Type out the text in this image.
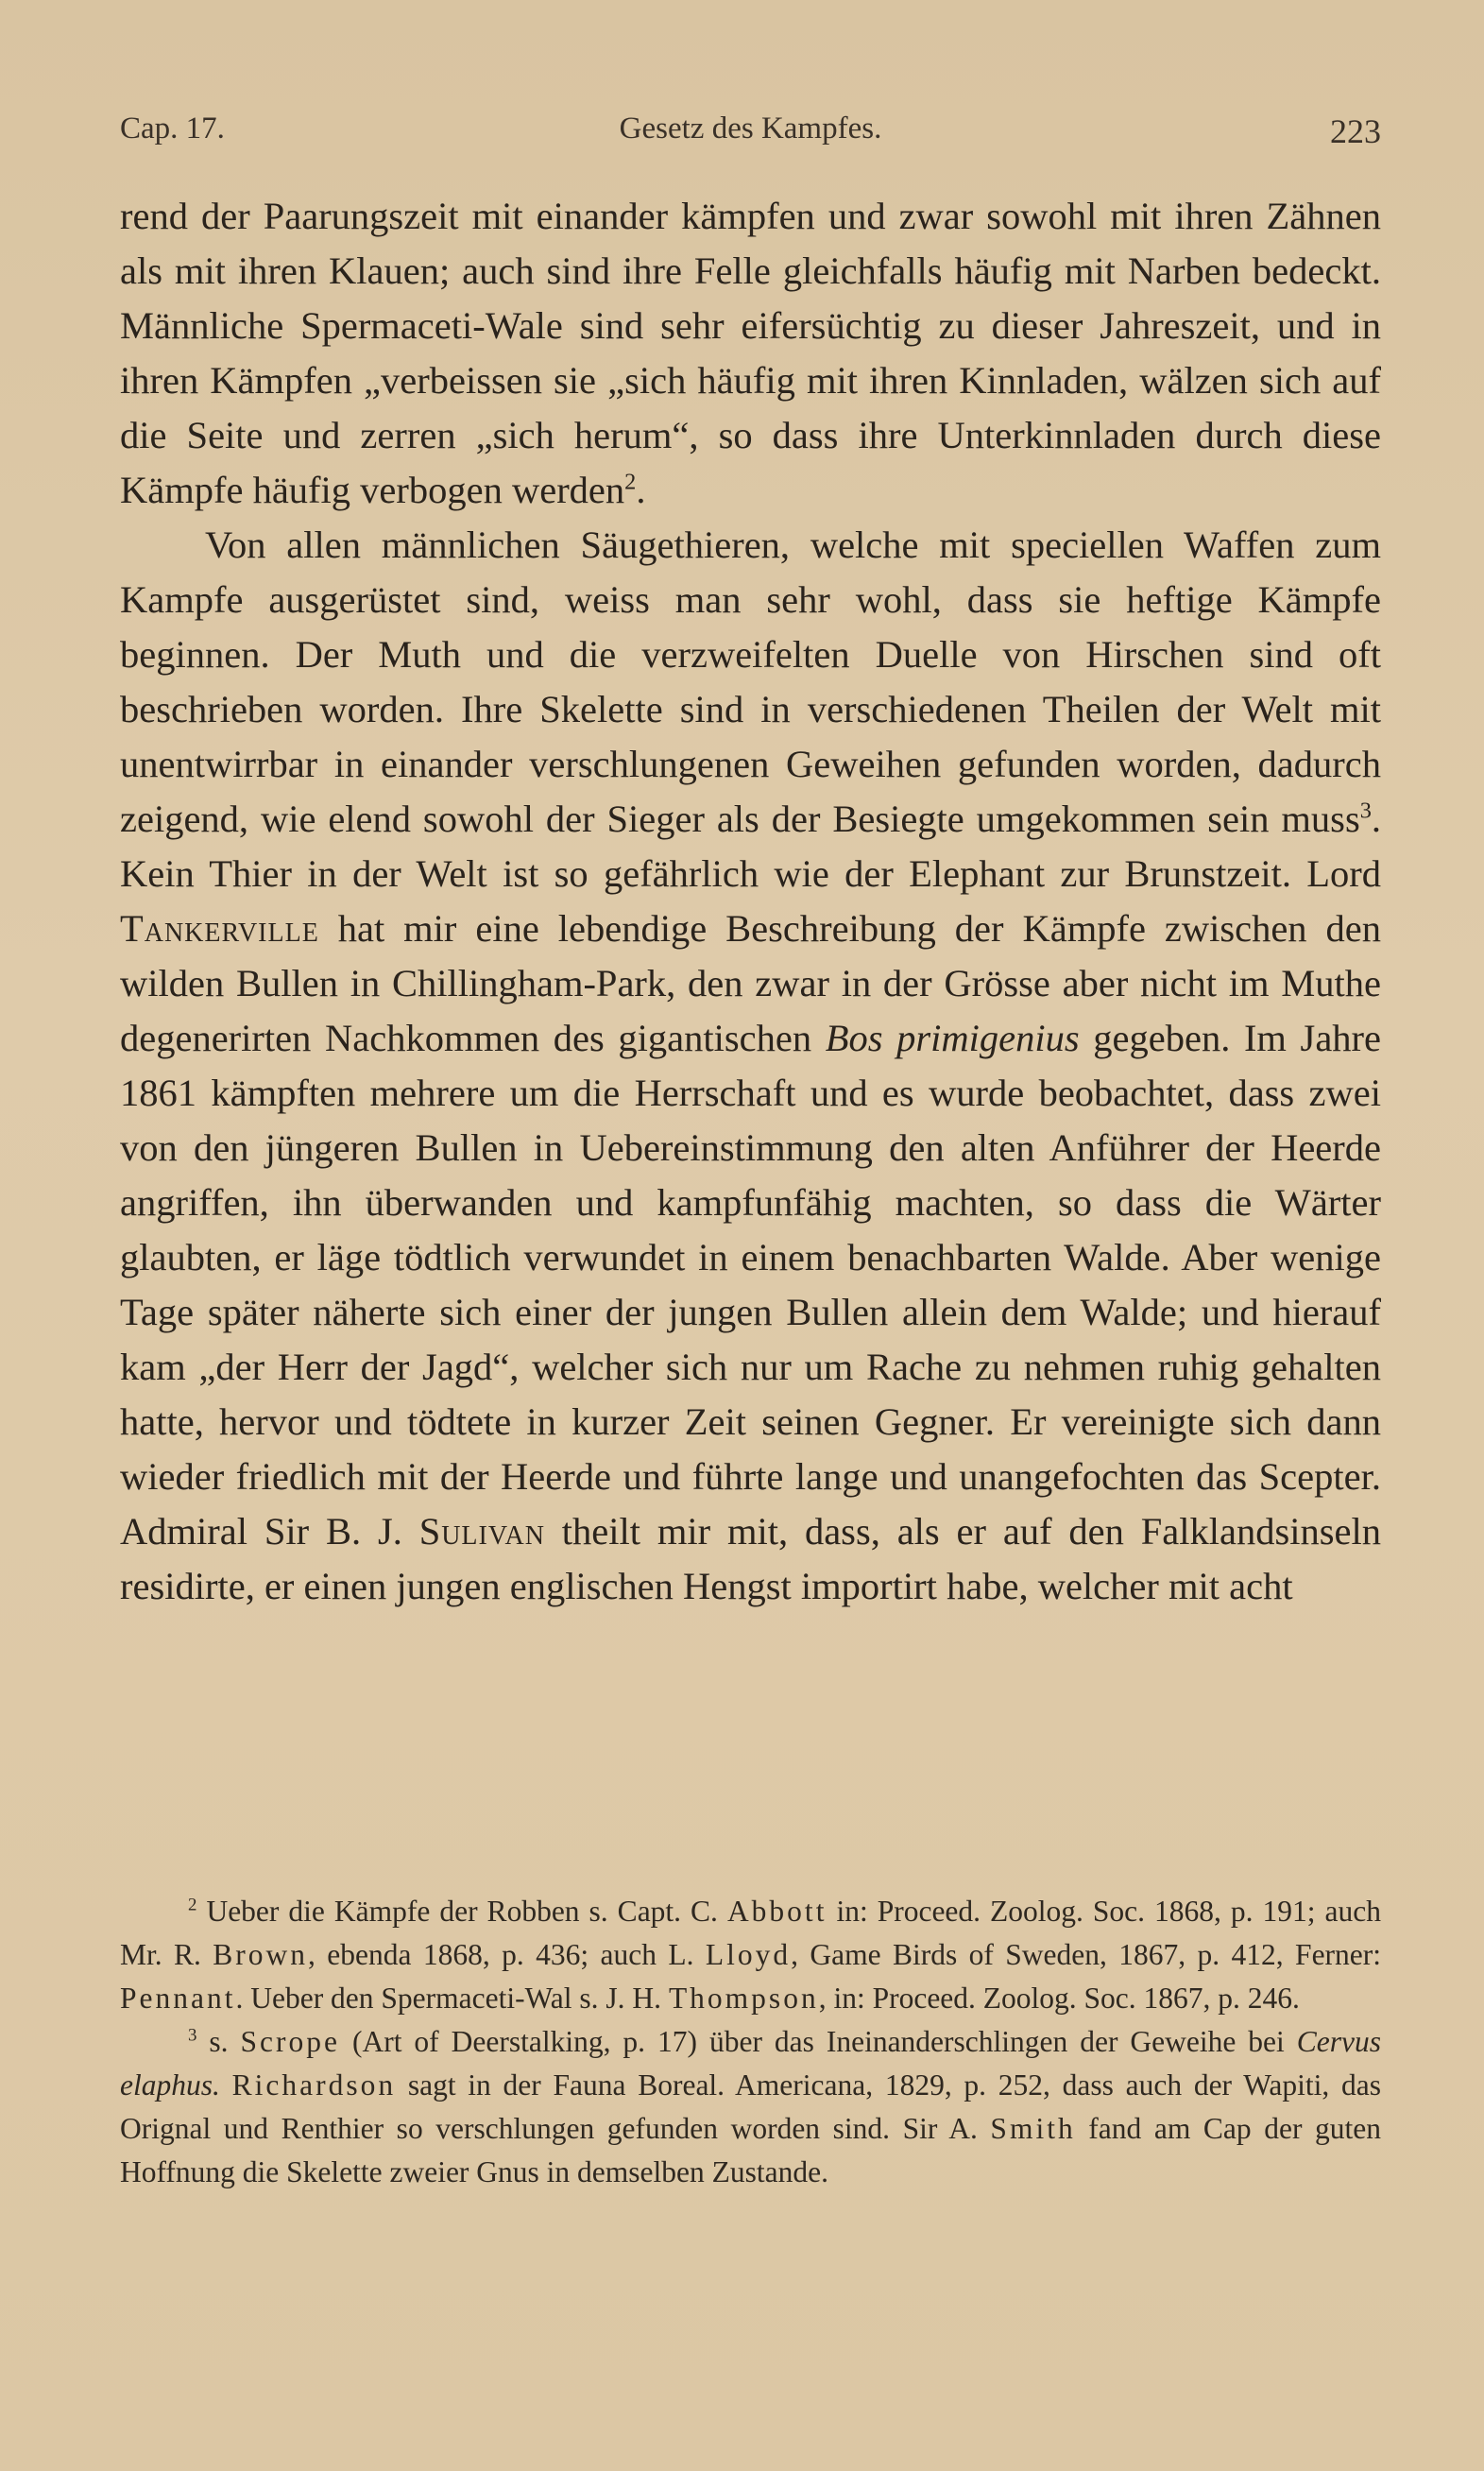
Cap. 17.	Gesetz des Kampfes.	223

rend der Paarungszeit mit einander kämpfen und zwar sowohl mit ihren Zähnen als mit ihren Klauen; auch sind ihre Felle gleichfalls häufig mit Narben bedeckt. Männliche Spermaceti-Wale sind sehr eifersüchtig zu dieser Jahreszeit, und in ihren Kämpfen „verbeissen sie „sich häufig mit ihren Kinnladen, wälzen sich auf die Seite und zerren „sich herum“, so dass ihre Unterkinnladen durch diese Kämpfe häufig verbogen werden$^2$.

Von allen männlichen Säugethieren, welche mit speciellen Waffen zum Kampfe ausgerüstet sind, weiss man sehr wohl, dass sie heftige Kämpfe beginnen. Der Muth und die verzweifelten Duelle von Hirschen sind oft beschrieben worden. Ihre Skelette sind in verschiedenen Theilen der Welt mit unentwirrbar in einander verschlungenen Geweihen gefunden worden, dadurch zeigend, wie elend sowohl der Sieger als der Besiegte umgekommen sein muss$^3$. Kein Thier in der Welt ist so gefährlich wie der Elephant zur Brunstzeit. Lord Tankerville hat mir eine lebendige Beschreibung der Kämpfe zwischen den wilden Bullen in Chillingham-Park, den zwar in der Grösse aber nicht im Muthe degenerirten Nachkommen des gigantischen Bos primigenius gegeben. Im Jahre 1861 kämpften mehrere um die Herrschaft und es wurde beobachtet, dass zwei von den jüngeren Bullen in Uebereinstimmung den alten Anführer der Heerde angriffen, ihn überwanden und kampfunfähig machten, so dass die Wärter glaubten, er läge tödtlich verwundet in einem benachbarten Walde. Aber wenige Tage später näherte sich einer der jungen Bullen allein dem Walde; und hierauf kam „der Herr der Jagd“, welcher sich nur um Rache zu nehmen ruhig gehalten hatte, hervor und tödtete in kurzer Zeit seinen Gegner. Er vereinigte sich dann wieder friedlich mit der Heerde und führte lange und unangefochten das Scepter. Admiral Sir B. J. Sulivan theilt mir mit, dass, als er auf den Falklandsinseln residirte, er einen jungen englischen Hengst importirt habe, welcher mit acht

$^2$ Ueber die Kämpfe der Robben s. Capt. C. Abbott in: Proceed. Zoolog. Soc. 1868, p. 191; auch Mr. R. Brown, ebenda 1868, p. 436; auch L. Lloyd, Game Birds of Sweden, 1867, p. 412, Ferner: Pennant. Ueber den Spermaceti-Wal s. J. H. Thompson, in: Proceed. Zoolog. Soc. 1867, p. 246.

$^3$ s. Scrope (Art of Deerstalking, p. 17) über das Ineinanderschlingen der Geweihe bei Cervus elaphus. Richardson sagt in der Fauna Boreal. Americana, 1829, p. 252, dass auch der Wapiti, das Orignal und Renthier so verschlungen gefunden worden sind. Sir A. Smith fand am Cap der guten Hoffnung die Skelette zweier Gnus in demselben Zustande.
